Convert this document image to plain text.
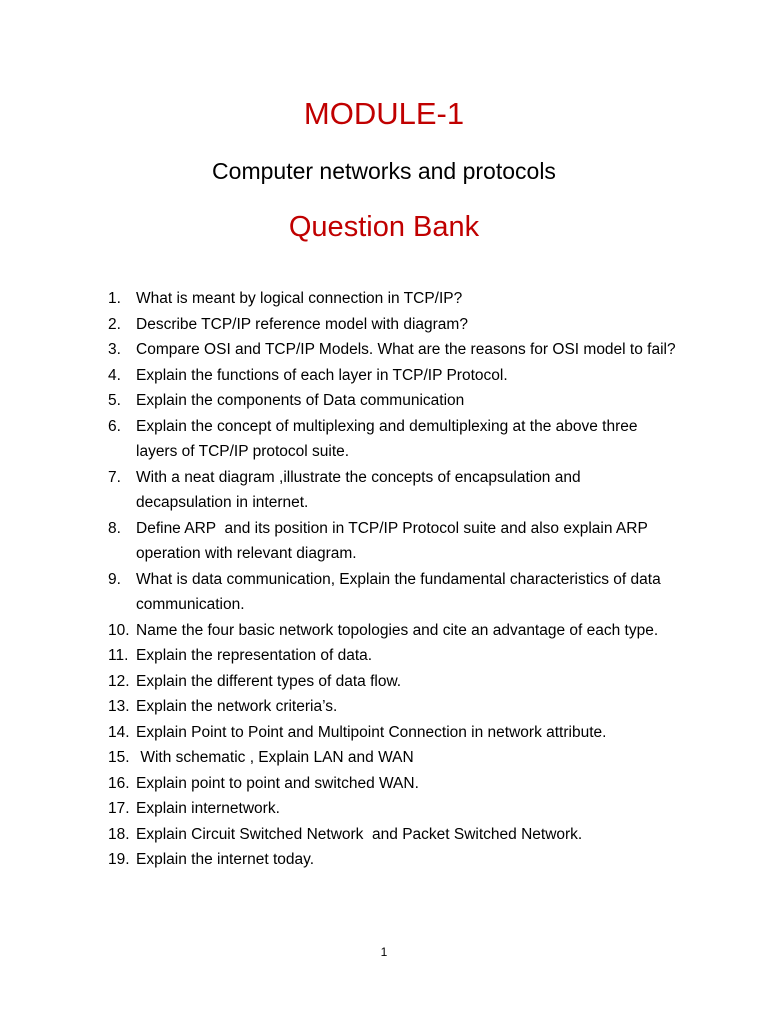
MODULE-1
Computer networks and protocols
Question Bank
1. What is meant by logical connection in TCP/IP?
2. Describe TCP/IP reference model with diagram?
3. Compare OSI and TCP/IP Models. What are the reasons for OSI model to fail?
4. Explain the functions of each layer in TCP/IP Protocol.
5. Explain the components of Data communication
6. Explain the concept of multiplexing and demultiplexing at the above three layers of TCP/IP protocol suite.
7. With a neat diagram ,illustrate the concepts of encapsulation and decapsulation in internet.
8. Define ARP  and its position in TCP/IP Protocol suite and also explain ARP operation with relevant diagram.
9. What is data communication, Explain the fundamental characteristics of data communication.
10. Name the four basic network topologies and cite an advantage of each type.
11. Explain the representation of data.
12. Explain the different types of data flow.
13. Explain the network criteria’s.
14. Explain Point to Point and Multipoint Connection in network attribute.
15. With schematic , Explain LAN and WAN
16. Explain point to point and switched WAN.
17. Explain internetwork.
18. Explain Circuit Switched Network  and Packet Switched Network.
19. Explain the internet today.
1
